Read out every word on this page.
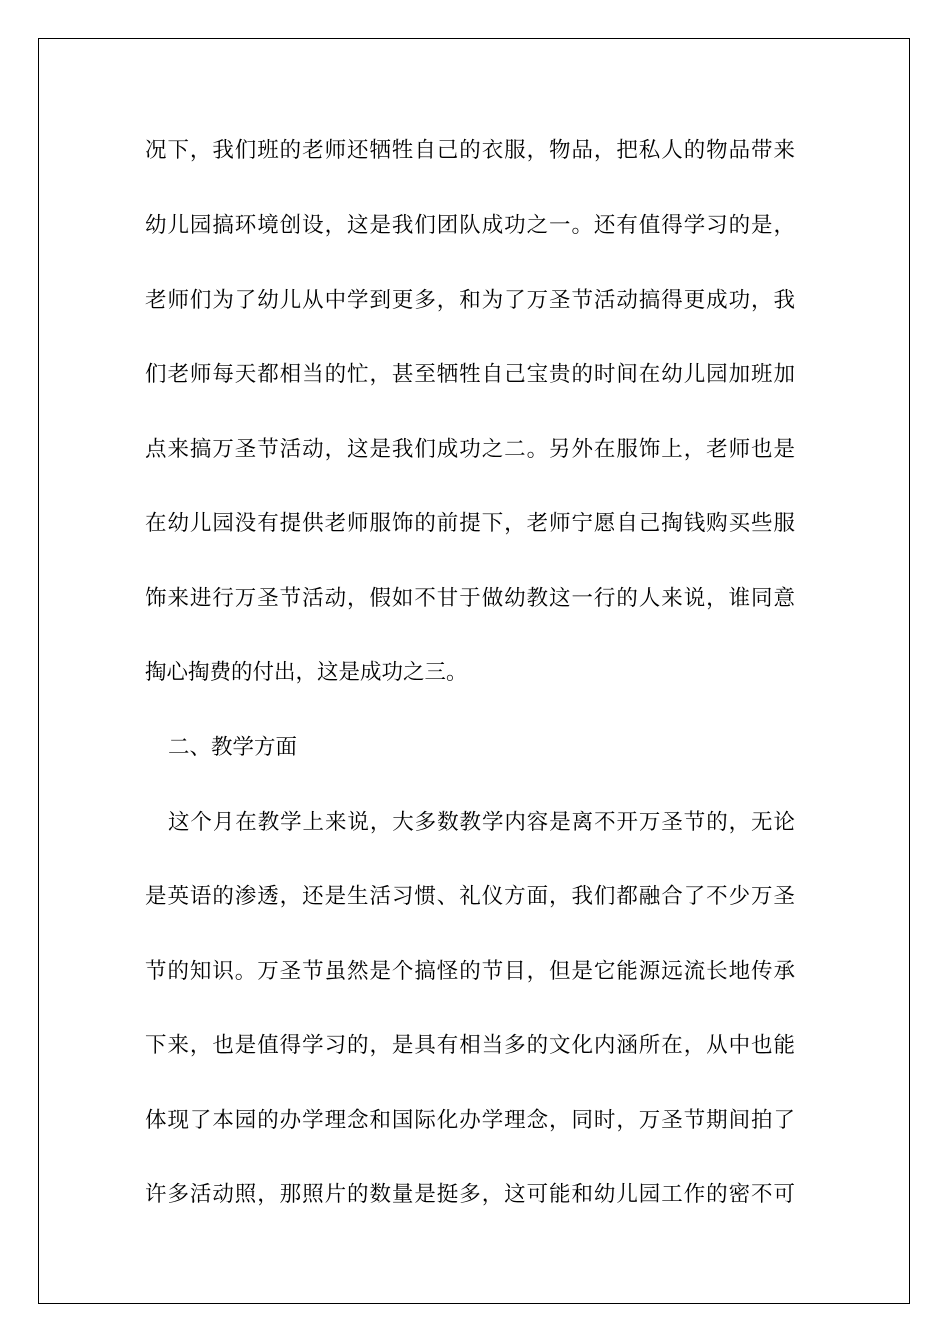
况下，我们班的老师还牺牲自己的衣服，物品，把私人的物品带来
幼儿园搞环境创设，这是我们团队成功之一。还有值得学习的是，
老师们为了幼儿从中学到更多，和为了万圣节活动搞得更成功，我
们老师每天都相当的忙，甚至牺牲自己宝贵的时间在幼儿园加班加
点来搞万圣节活动，这是我们成功之二。另外在服饰上，老师也是
在幼儿园没有提供老师服饰的前提下，老师宁愿自己掏钱购买些服
饰来进行万圣节活动，假如不甘于做幼教这一行的人来说，谁同意
掏心掏费的付出，这是成功之三。
二、教学方面
这个月在教学上来说，大多数教学内容是离不开万圣节的，无论
是英语的渗透，还是生活习惯、礼仪方面，我们都融合了不少万圣
节的知识。万圣节虽然是个搞怪的节目，但是它能源远流长地传承
下来，也是值得学习的，是具有相当多的文化内涵所在，从中也能
体现了本园的办学理念和国际化办学理念，同时，万圣节期间拍了
许多活动照，那照片的数量是挺多，这可能和幼儿园工作的密不可
